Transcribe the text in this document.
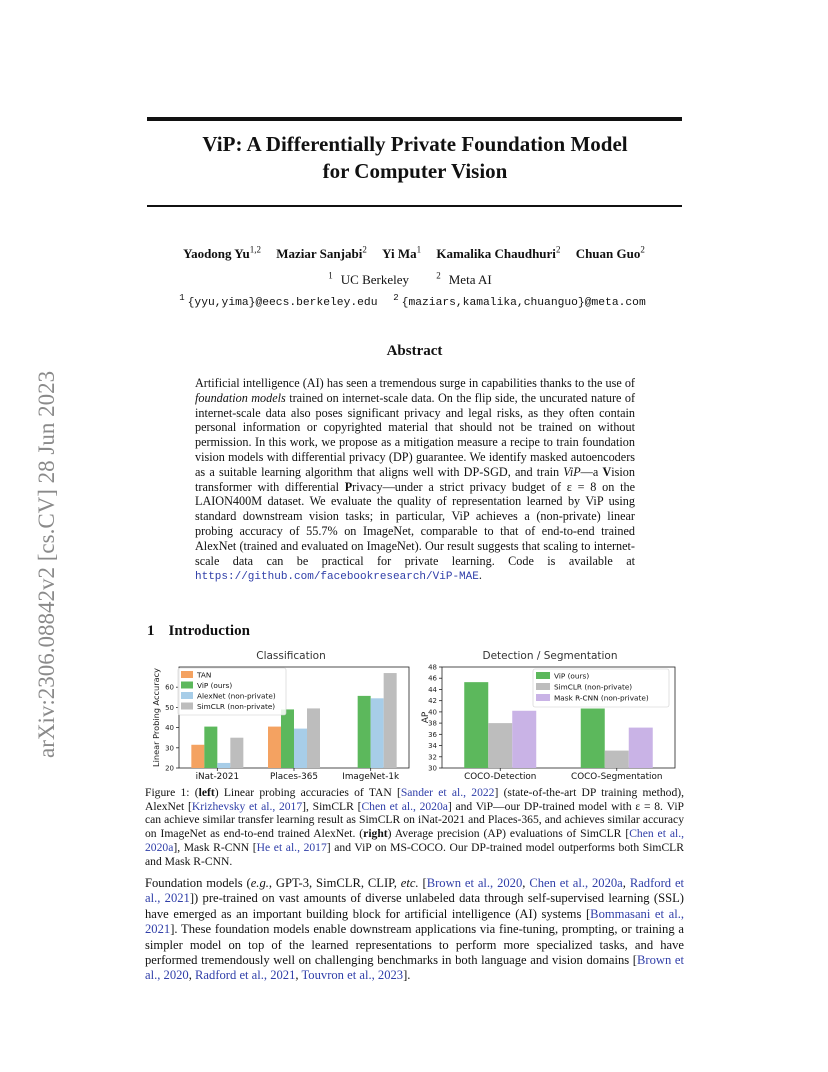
arXiv:2306.08842v2 [cs.CV] 28 Jun 2023
ViP: A Differentially Private Foundation Model
for Computer Vision
Yaodong Yu$^{1,2}$ Maziar Sanjabi$^2$ Yi Ma$^1$ Kamalika Chaudhuri$^2$ Chuan Guo$^2$
$^1$ UC Berkeley	$^2$ Meta AI
$^1$ {yyu,yima}@eecs.berkeley.edu $^2$ {maziars,kamalika,chuanguo}@meta.com
Abstract
Artificial intelligence (AI) has seen a tremendous surge in capabilities thanks to the use of foundation models trained on internet-scale data. On the flip side, the uncurated nature of internet-scale data also poses significant privacy and legal risks, as they often contain personal information or copyrighted material that should not be trained on without permission. In this work, we propose as a mitigation measure a recipe to train foundation vision models with differential privacy (DP) guarantee. We identify masked autoencoders as a suitable learning algorithm that aligns well with DP-SGD, and train ViP—a Vision transformer with differential Privacy—under a strict privacy budget of ε = 8 on the LAION400M dataset. We evaluate the quality of representation learned by ViP using standard downstream vision tasks; in particular, ViP achieves a (non-private) linear probing accuracy of 55.7% on ImageNet, comparable to that of end-to-end trained AlexNet (trained and evaluated on ImageNet). Our result suggests that scaling to internet-scale data can be practical for private learning. Code is available at https://github.com/facebookresearch/ViP-MAE.
1 Introduction
Classification
Linear Probing Accuracy
20
30
40
50
60
iNat-2021	Places-365	ImageNet-1k
TAN
ViP (ours)
AlexNet (non-private)
SimCLR (non-private)
Detection / Segmentation
AP
30
32
34
36
38
40
42
44
46
48
COCO-Detection	COCO-Segmentation
ViP (ours)
SimCLR (non-private)
Mask R-CNN (non-private)
Figure 1: (left) Linear probing accuracies of TAN [Sander et al., 2022] (state-of-the-art DP training method), AlexNet [Krizhevsky et al., 2017], SimCLR [Chen et al., 2020a] and ViP—our DP-trained model with ε = 8. ViP can achieve similar transfer learning result as SimCLR on iNat-2021 and Places-365, and achieves similar accuracy on ImageNet as end-to-end trained AlexNet. (right) Average precision (AP) evaluations of SimCLR [Chen et al., 2020a], Mask R-CNN [He et al., 2017] and ViP on MS-COCO. Our DP-trained model outperforms both SimCLR and Mask R-CNN.
Foundation models (e.g., GPT-3, SimCLR, CLIP, etc. [Brown et al., 2020, Chen et al., 2020a, Radford et al., 2021]) pre-trained on vast amounts of diverse unlabeled data through self-supervised learning (SSL) have emerged as an important building block for artificial intelligence (AI) systems [Bommasani et al., 2021]. These foundation models enable downstream applications via fine-tuning, prompting, or training a simpler model on top of the learned representations to perform more specialized tasks, and have performed tremendously well on challenging benchmarks in both language and vision domains [Brown et al., 2020, Radford et al., 2021, Touvron et al., 2023].
